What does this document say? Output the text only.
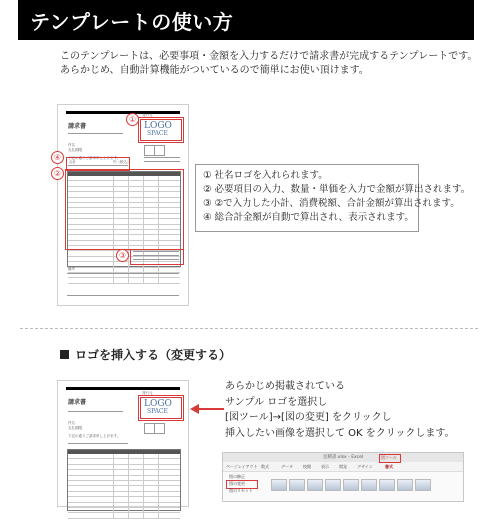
テンプレートの使い方
このテンプレートは、必要事項・金額を入力するだけで請求書が完成するテンプレートです。
あらかじめ、自動計算機能がついているので簡単にお使い頂けます。
請求書
発行元
LOGO
SPACE
件名
支払期限
下記の通りご請求申し上げます。
合計	円（税込）
備考
①
④
②
③
① 社名ロゴを入れられます。
② 必要項目の入力、数量・単価を入力で金額が算出されます。
③ ②で入力した小計、消費税額、合計金額が算出されます。
④ 総合計金額が自動で算出され、表示されます。
ロゴを挿入する（変更する）
請求書
発行元
LOGO
SPACE
件名
支払期限
下記の通りご請求申し上げます。
あらかじめ掲載されている
サンプル ロゴを選択し
[図ツール]→[図の変更] をクリックし
挿入したい画像を選択して OK をクリックします。
見積書.xlsx - Excel	図ツール
ページレイアウト 数式	データ	校閲	表示	開発	デザイン	書式
図の修正
図の変更
図のリセット
